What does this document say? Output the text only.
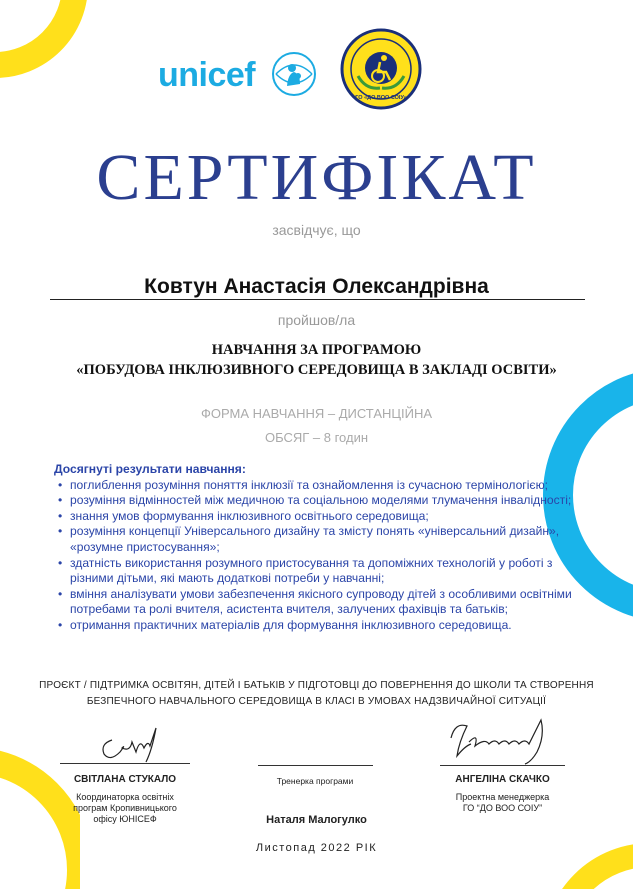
unicef
ГО «ДО ВОО СОІУ»
СЕРТИФІКАТ
засвідчує, що
Ковтун Анастасія Олександрівна
пройшов/ла
НАВЧАННЯ ЗА ПРОГРАМОЮ
«ПОБУДОВА ІНКЛЮЗИВНОГО СЕРЕДОВИЩА В ЗАКЛАДІ ОСВІТИ»
ФОРМА НАВЧАННЯ – ДИСТАНЦІЙНА
ОБСЯГ – 8 годин
Досягнуті результати навчання:
• поглиблення розуміння поняття інклюзії та ознайомлення із сучасною термінологією;
• розуміння відмінностей між медичною та соціальною моделями тлумачення інвалідності;
• знання умов формування інклюзивного освітнього середовища;
• розуміння концепції Універсального дизайну та змісту понять «універсальний дизайн», «розумне пристосування»;
• здатність використання розумного пристосування та допоміжних технологій у роботі з різними дітьми, які мають додаткові потреби у навчанні;
• вміння аналізувати умови забезпечення якісного супроводу дітей з особливими освітніми потребами та ролі вчителя, асистента вчителя, залучених фахівців та батьків;
• отримання практичних матеріалів для формування інклюзивного середовища.
ПРОЄКТ / ПІДТРИМКА ОСВІТЯН, ДІТЕЙ І БАТЬКІВ У ПІДГОТОВЦІ ДО ПОВЕРНЕННЯ ДО ШКОЛИ ТА СТВОРЕННЯ
БЕЗПЕЧНОГО НАВЧАЛЬНОГО СЕРЕДОВИЩА В КЛАСІ В УМОВАХ НАДЗВИЧАЙНОЇ СИТУАЦІЇ
СВІТЛАНА СТУКАЛО
Координаторка освітніх
програм Кропивницького
офісу ЮНІСЕФ
Тренерка програми
Наталя Малогулко
АНГЕЛІНА СКАЧКО
Проектна менеджерка
ГО “ДО ВОО СОІУ”
Листопад 2022 РІК
